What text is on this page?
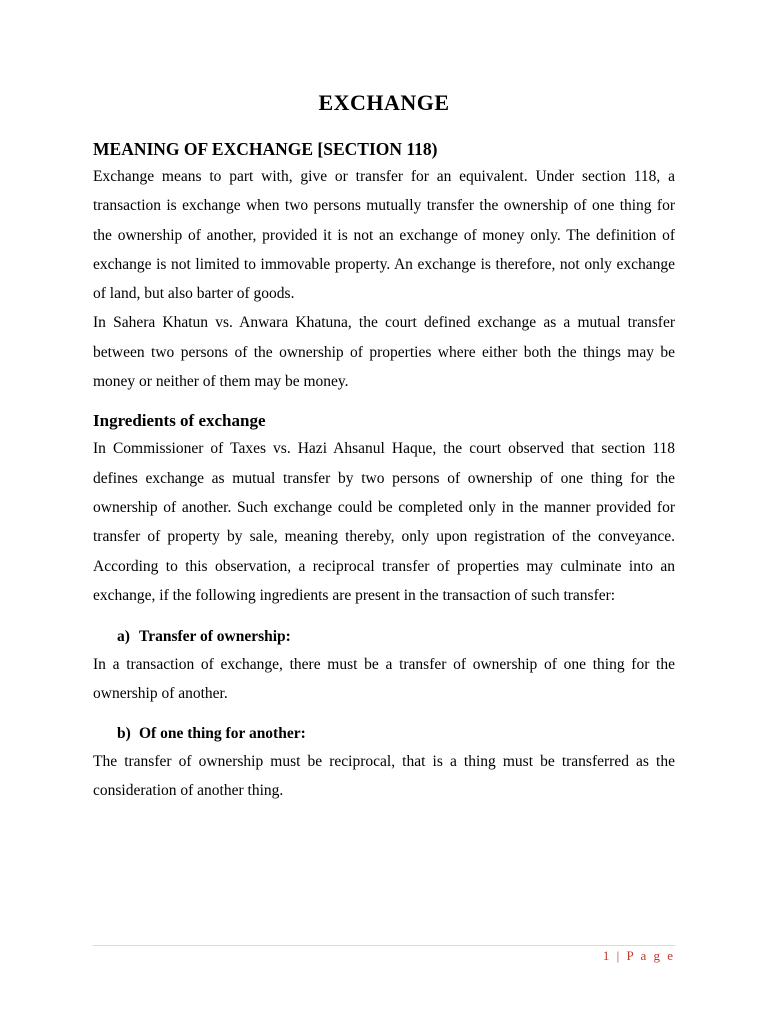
EXCHANGE
MEANING OF EXCHANGE [SECTION 118)

Exchange means to part with, give or transfer for an equivalent. Under section 118, a transaction is exchange when two persons mutually transfer the ownership of one thing for the ownership of another, provided it is not an exchange of money only. The definition of exchange is not limited to immovable property. An exchange is therefore, not only exchange of land, but also barter of goods.

In Sahera Khatun vs. Anwara Khatuna, the court defined exchange as a mutual transfer between two persons of the ownership of properties where either both the things may be money or neither of them may be money.

Ingredients of exchange

In Commissioner of Taxes vs. Hazi Ahsanul Haque, the court observed that section 118 defines exchange as mutual transfer by two persons of ownership of one thing for the ownership of another. Such exchange could be completed only in the manner provided for transfer of property by sale, meaning thereby, only upon registration of the conveyance. According to this observation, a reciprocal transfer of properties may culminate into an exchange, if the following ingredients are present in the transaction of such transfer:

a) Transfer of ownership:

In a transaction of exchange, there must be a transfer of ownership of one thing for the ownership of another.

b) Of one thing for another:

The transfer of ownership must be reciprocal, that is a thing must be transferred as the consideration of another thing.

1 | P a g e
